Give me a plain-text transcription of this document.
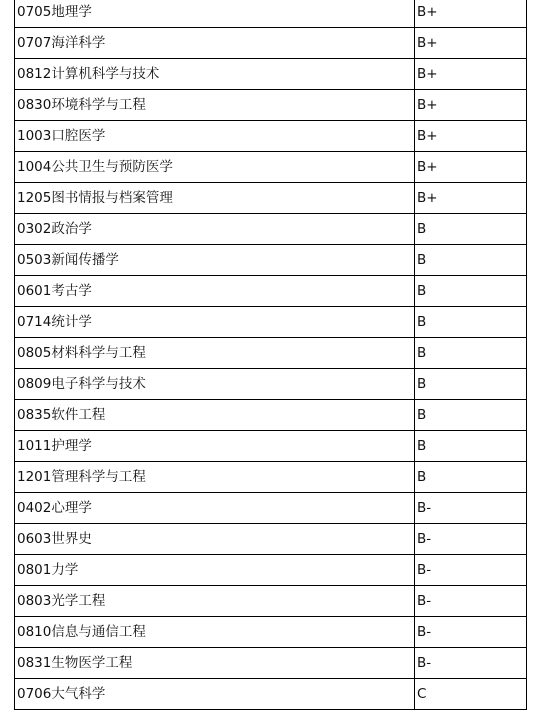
0705地理学	B+
0707海洋科学	B+
0812计算机科学与技术	B+
0830环境科学与工程	B+
1003口腔医学	B+
1004公共卫生与预防医学	B+
1205图书情报与档案管理	B+
0302政治学	B
0503新闻传播学	B
0601考古学	B
0714统计学	B
0805材料科学与工程	B
0809电子科学与技术	B
0835软件工程	B
1011护理学	B
1201管理科学与工程	B
0402心理学	B-
0603世界史	B-
0801力学	B-
0803光学工程	B-
0810信息与通信工程	B-
0831生物医学工程	B-
0706大气科学	C
